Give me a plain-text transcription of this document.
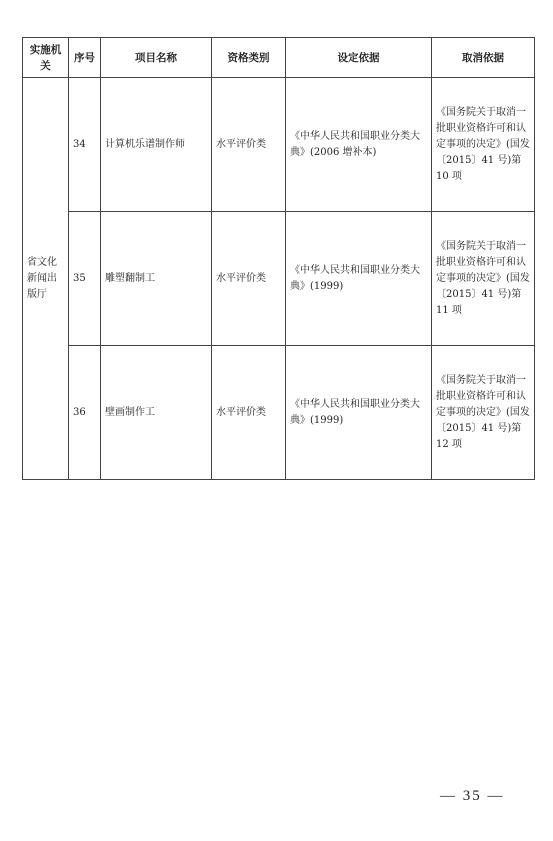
实施机关	序号	项目名称	资格类别	设定依据	取消依据
省文化新闻出版厅	34	计算机乐谱制作师	水平评价类	《中华人民共和国职业分类大典》(2006 增补本)	《国务院关于取消一批职业资格许可和认定事项的决定》(国发〔2015〕41 号)第 10 项
	35	雕塑翻制工	水平评价类	《中华人民共和国职业分类大典》(1999)	《国务院关于取消一批职业资格许可和认定事项的决定》(国发〔2015〕41 号)第 11 项
	36	壁画制作工	水平评价类	《中华人民共和国职业分类大典》(1999)	《国务院关于取消一批职业资格许可和认定事项的决定》(国发〔2015〕41 号)第 12 项
— 35 —
